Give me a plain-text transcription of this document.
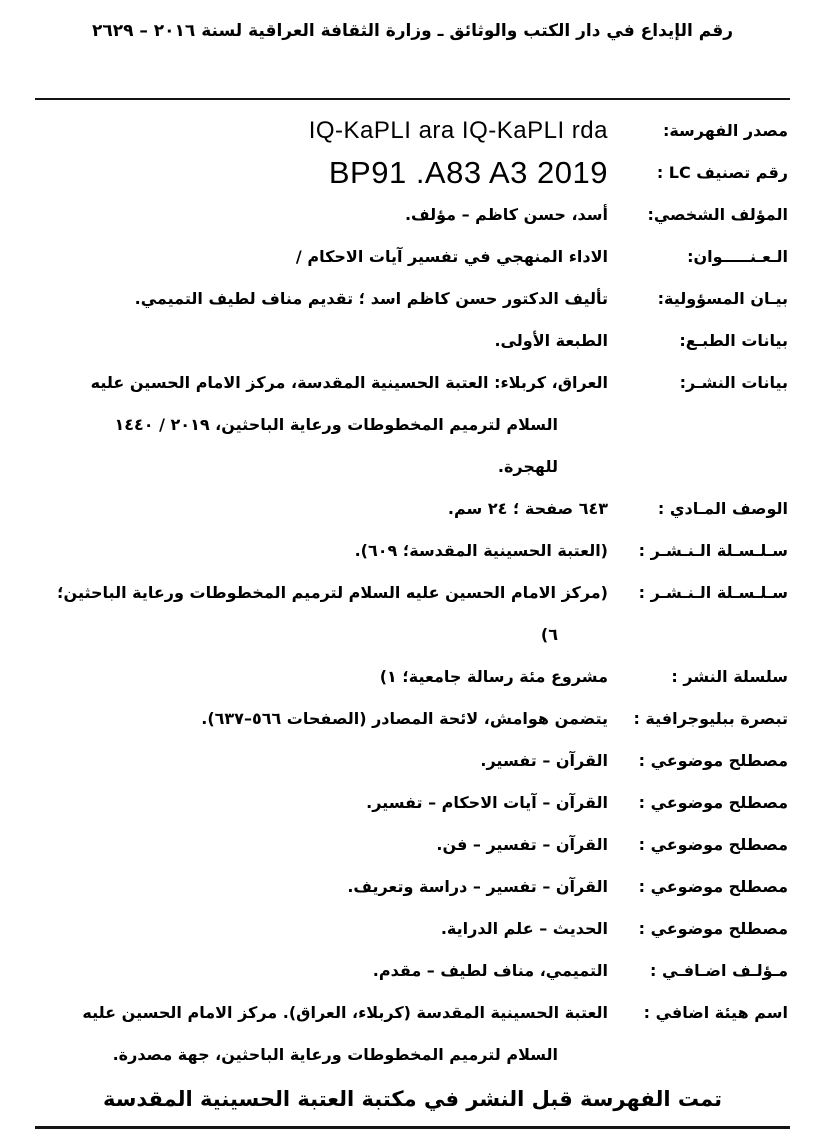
رقم الإيداع في دار الكتب والوثائق ـ وزارة الثقافة العراقية لسنة ٢٠١٦ – ٢٦٢٩
مصدر الفهرسة:
IQ-KaPLI ara IQ-KaPLI rda
رقم تصنيف LC :
BP91 .A83 A3 2019
المؤلف الشخصي:
أسد، حسن كاظم – مؤلف.
الـعـنـــــوان:
الاداء المنهجي في تفسير آيات الاحكام /
بيـان المسؤولية:
تأليف الدكتور حسن كاظم اسد ؛ تقديم مناف لطيف التميمي.
بيانات الطبـع:
الطبعة الأولى.
بيانات النشـر:
العراق، كربلاء: العتبة الحسينية المقدسة، مركز الامام الحسين عليه السلام لترميم المخطوطات ورعاية الباحثين، ٢٠١٩ / ١٤٤٠ للهجرة.
الوصف المـادي :
٦٤٣ صفحة ؛ ٢٤ سم.
سـلـسـلة الـنـشـر :
(العتبة الحسينية المقدسة؛ ٦٠٩).
سـلـسـلة الـنـشـر :
(مركز الامام الحسين عليه السلام لترميم المخطوطات ورعاية الباحثين؛ ٦)
سلسلة النشر :
مشروع مئة رسالة جامعية؛ ١)
تبصرة ببليوجرافية :
يتضمن هوامش، لائحة المصادر (الصفحات ٥٦٦–٦٣٧).
مصطلح موضوعي :
القرآن – تفسير.
مصطلح موضوعي :
القرآن – آيات الاحكام – تفسير.
مصطلح موضوعي :
القرآن – تفسير – فن.
مصطلح موضوعي :
القرآن – تفسير – دراسة وتعريف.
مصطلح موضوعي :
الحديث – علم الدراية.
مـؤلـف اضـافـي :
التميمي، مناف لطيف – مقدم.
اسم هيئة اضافي :
العتبة الحسينية المقدسة (كربلاء، العراق). مركز الامام الحسين عليه السلام لترميم المخطوطات ورعاية الباحثين، جهة مصدرة.
تمت الفهرسة قبل النشر في مكتبة العتبة الحسينية المقدسة
